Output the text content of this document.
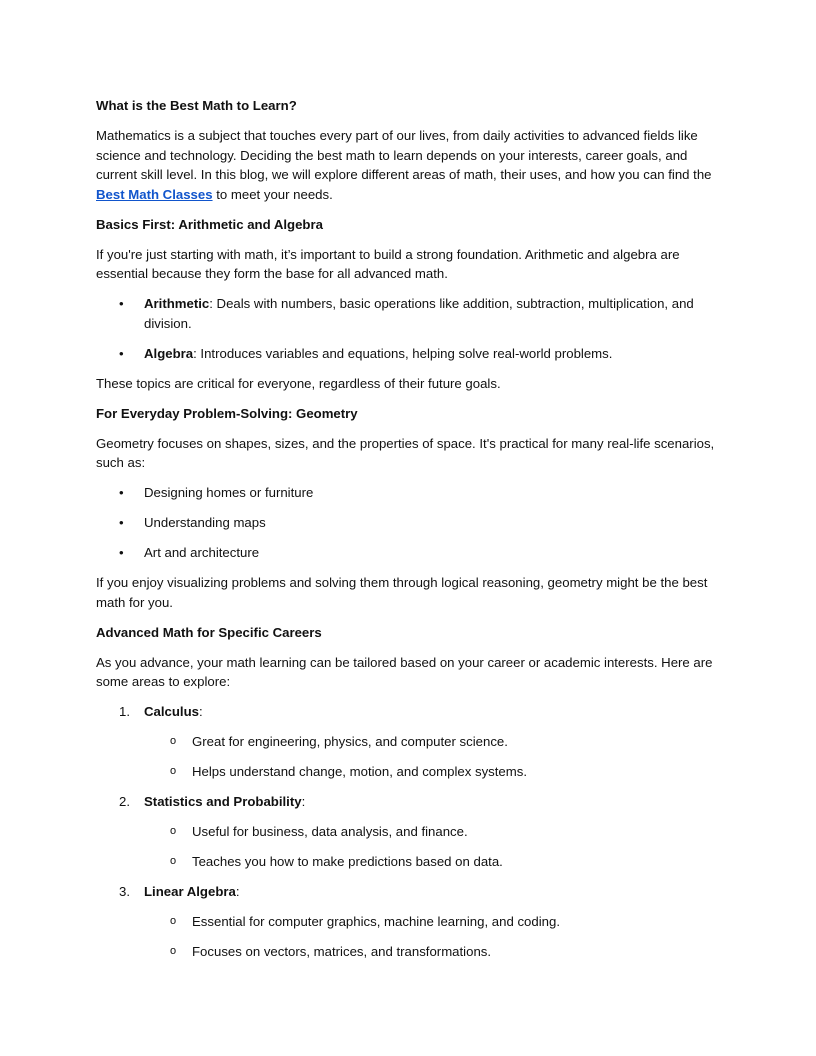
What is the Best Math to Learn?

Mathematics is a subject that touches every part of our lives, from daily activities to advanced fields like science and technology. Deciding the best math to learn depends on your interests, career goals, and current skill level. In this blog, we will explore different areas of math, their uses, and how you can find the Best Math Classes to meet your needs.

Basics First: Arithmetic and Algebra

If you're just starting with math, it’s important to build a strong foundation. Arithmetic and algebra are essential because they form the base for all advanced math.

• Arithmetic: Deals with numbers, basic operations like addition, subtraction, multiplication, and division.
• Algebra: Introduces variables and equations, helping solve real-world problems.

These topics are critical for everyone, regardless of their future goals.

For Everyday Problem-Solving: Geometry

Geometry focuses on shapes, sizes, and the properties of space. It's practical for many real-life scenarios, such as:

• Designing homes or furniture
• Understanding maps
• Art and architecture

If you enjoy visualizing problems and solving them through logical reasoning, geometry might be the best math for you.

Advanced Math for Specific Careers

As you advance, your math learning can be tailored based on your career or academic interests. Here are some areas to explore:

1. Calculus:
o Great for engineering, physics, and computer science.
o Helps understand change, motion, and complex systems.
2. Statistics and Probability:
o Useful for business, data analysis, and finance.
o Teaches you how to make predictions based on data.
3. Linear Algebra:
o Essential for computer graphics, machine learning, and coding.
o Focuses on vectors, matrices, and transformations.
